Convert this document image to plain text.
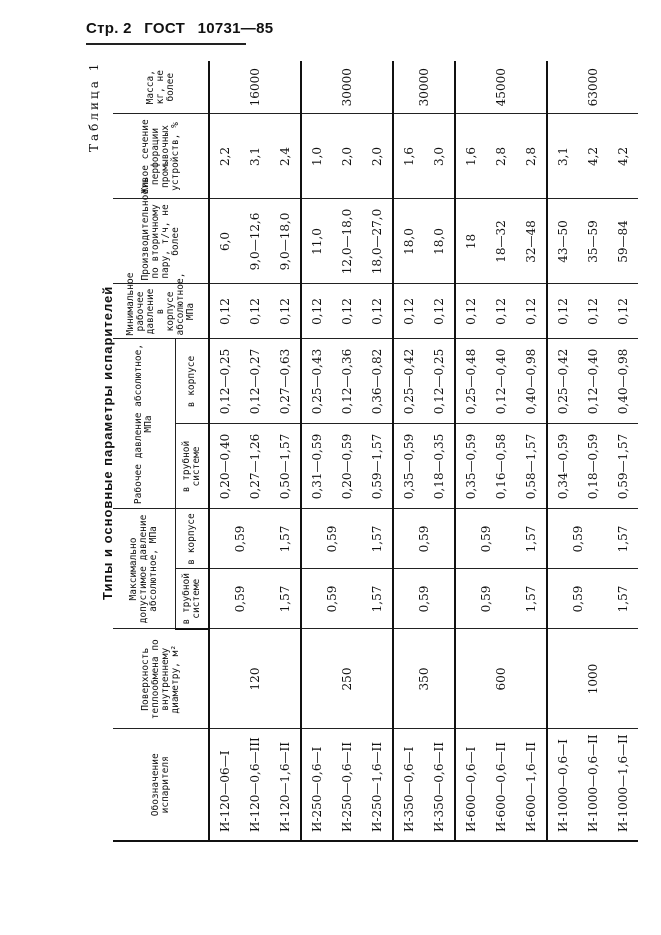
Стр. 2 ГОСТ 10731—85
Таблица 1
Типы и основные параметры испарителей
Обозначение испарителя	Поверхность теплообмена по внутреннему диаметру, м²	Максимально допустимое давление абсолютное, МПа		Рабочее давление абсолютное, МПа		Минимальное рабочее давление в корпусе абсолютное, МПа	Производительность по вторичному пару, т/ч, не более	Живое сечение перфорации промывочных устройств, %	Масса, кг, не более
		в трубной системе	в корпусе	в трубной системе	в корпусе				
И-120—06—I	120	0,59	0,59	0,20—0,40	0,12—0,25	0,12	6,0	2,2	16000
И-120—0,6—III				0,27—1,26	0,12—0,27	0,12	9,0—12,6	3,1	
И-120—1,6—II		1,57	1,57	0,50—1,57	0,27—0,63	0,12	9,0—18,0	2,4	
И-250—0,6—I	250	0,59	0,59	0,31—0,59	0,25—0,43	0,12	11,0	1,0	30000
И-250—0,6—II				0,20—0,59	0,12—0,36	0,12	12,0—18,0	2,0	
И-250—1,6—II		1,57	1,57	0,59—1,57	0,36—0,82	0,12	18,0—27,0	2,0	
И-350—0,6—I	350	0,59	0,59	0,35—0,59	0,25—0,42	0,12	18,0	1,6	30000
И-350—0,6—II				0,18—0,35	0,12—0,25	0,12	18,0	3,0	
И-600—0,6—I	600	0,59	0,59	0,35—0,59	0,25—0,48	0,12	18	1,6	45000
И-600—0,6—II				0,16—0,58	0,12—0,40	0,12	18—32	2,8	
И-600—1,6—II		1,57	1,57	0,58—1,57	0,40—0,98	0,12	32—48	2,8	
И-1000—0,6—I	1000	0,59	0,59	0,34—0,59	0,25—0,42	0,12	43—50	3,1	63000
И-1000—0,6—II				0,18—0,59	0,12—0,40	0,12	35—59	4,2	
И-1000—1,6—II		1,57	1,57	0,59—1,57	0,40—0,98	0,12	59—84	4,2	
